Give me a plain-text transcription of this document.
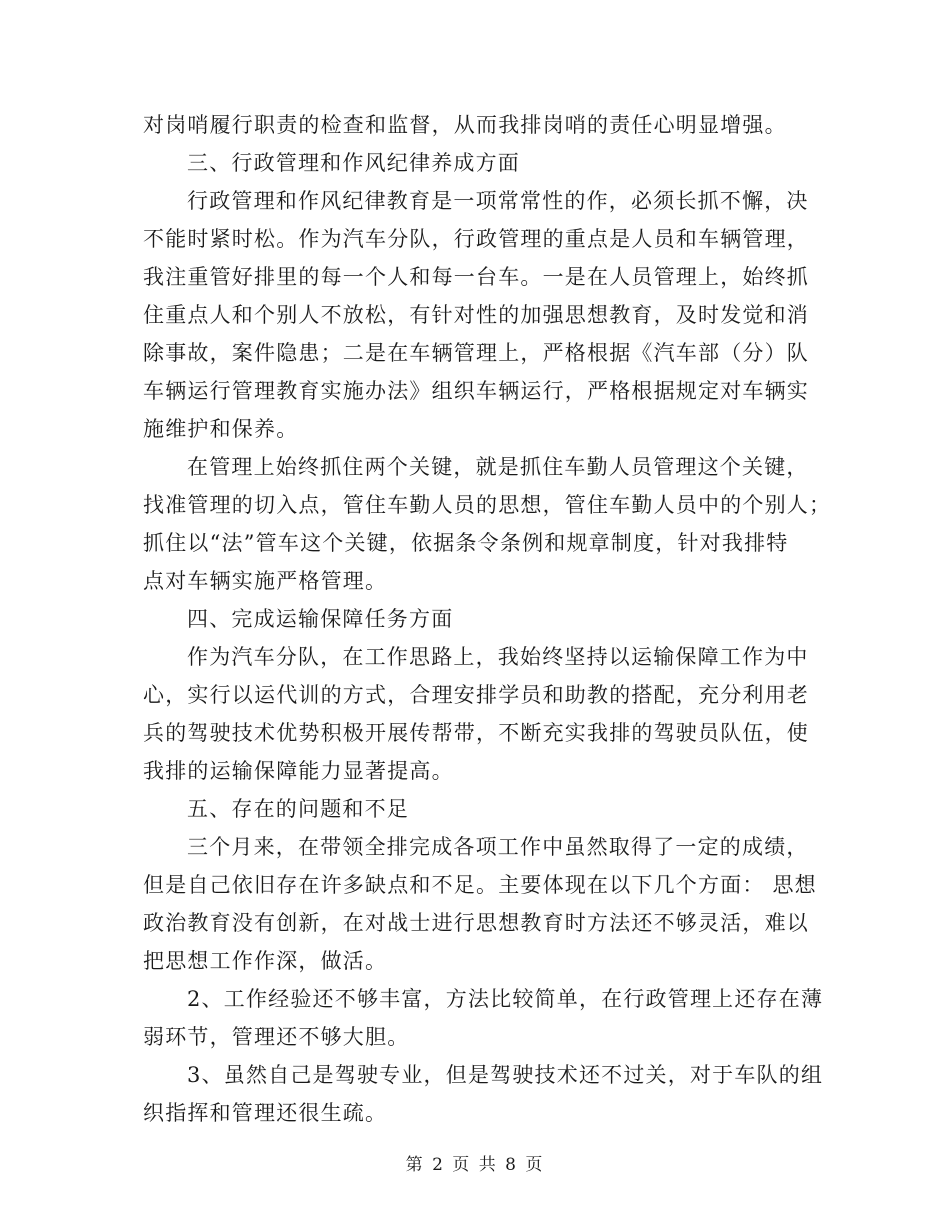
对岗哨履行职责的检查和监督，从而我排岗哨的责任心明显增强。
三、行政管理和作风纪律养成方面
行政管理和作风纪律教育是一项常常性的作，必须长抓不懈，决
不能时紧时松。作为汽车分队，行政管理的重点是人员和车辆管理，
我注重管好排里的每一个人和每一台车。一是在人员管理上，始终抓
住重点人和个别人不放松，有针对性的加强思想教育，及时发觉和消
除事故，案件隐患；二是在车辆管理上，严格根据《汽车部（分）队
车辆运行管理教育实施办法》组织车辆运行，严格根据规定对车辆实
施维护和保养。
在管理上始终抓住两个关键，就是抓住车勤人员管理这个关键，
找准管理的切入点，管住车勤人员的思想，管住车勤人员中的个别人；
抓住以“法”管车这个关键，依据条令条例和规章制度，针对我排特
点对车辆实施严格管理。
四、完成运输保障任务方面
作为汽车分队，在工作思路上，我始终坚持以运输保障工作为中
心，实行以运代训的方式，合理安排学员和助教的搭配，充分利用老
兵的驾驶技术优势积极开展传帮带，不断充实我排的驾驶员队伍，使
我排的运输保障能力显著提高。
五、存在的问题和不足
三个月来，在带领全排完成各项工作中虽然取得了一定的成绩，
但是自己依旧存在许多缺点和不足。主要体现在以下几个方面： 思想
政治教育没有创新，在对战士进行思想教育时方法还不够灵活，难以
把思想工作作深，做活。
2、工作经验还不够丰富，方法比较简单，在行政管理上还存在薄
弱环节，管理还不够大胆。
3、虽然自己是驾驶专业，但是驾驶技术还不过关，对于车队的组
织指挥和管理还很生疏。
第 2 页 共 8 页
